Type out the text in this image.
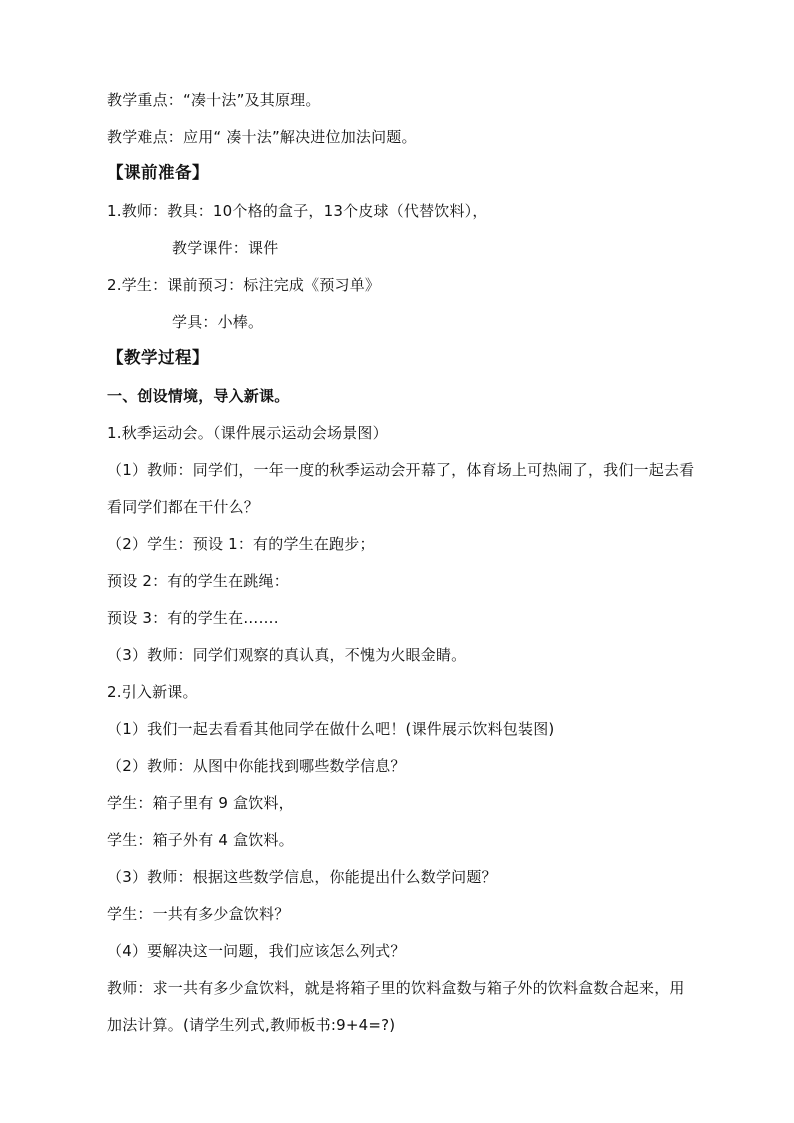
教学重点：“凑十法”及其原理。
教学难点：应用“ 凑十法”解决进位加法问题。
【课前准备】
1.教师：教具：10个格的盒子，13个皮球（代替饮料），
教学课件：课件
2.学生：课前预习：标注完成《预习单》
学具：小棒。
【教学过程】
一、创设情境，导入新课。
1.秋季运动会。（课件展示运动会场景图）
（1）教师：同学们，一年一度的秋季运动会开幕了，体育场上可热闹了，我们一起去看
看同学们都在干什么？
（2）学生：预设 1：有的学生在跑步；
预设 2：有的学生在跳绳：
预设 3：有的学生在…….
（3）教师：同学们观察的真认真，不愧为火眼金睛。
2.引入新课。
（1）我们一起去看看其他同学在做什么吧！(课件展示饮料包装图)
（2）教师：从图中你能找到哪些数学信息？
学生：箱子里有 9 盒饮料，
学生：箱子外有 4 盒饮料。
（3）教师：根据这些数学信息，你能提出什么数学问题？
学生：一共有多少盒饮料？
（4）要解决这一问题，我们应该怎么列式？
教师：求一共有多少盒饮料，就是将箱子里的饮料盒数与箱子外的饮料盒数合起来，用
加法计算。(请学生列式,教师板书:9+4=?)
